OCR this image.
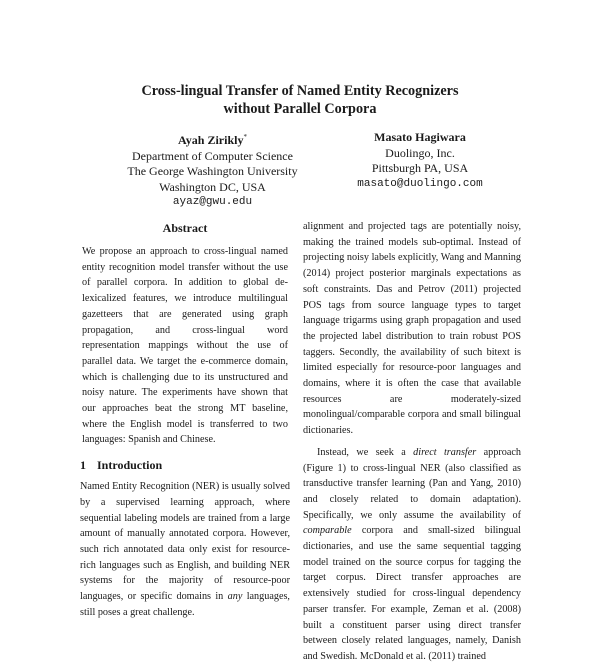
Cross-lingual Transfer of Named Entity Recognizers
without Parallel Corpora
Ayah Zirikly*
Department of Computer Science
The George Washington University
Washington DC, USA
ayaz@gwu.edu
Masato Hagiwara
Duolingo, Inc.
Pittsburgh PA, USA
masato@duolingo.com
Abstract

We propose an approach to cross-lingual named entity recognition model transfer without the use of parallel corpora. In addition to global de-lexicalized features, we introduce multilingual gazetteers that are generated using graph propagation, and cross-lingual word representation mappings without the use of parallel data. We target the e-commerce domain, which is challenging due to its unstructured and noisy nature. The experiments have shown that our approaches beat the strong MT baseline, where the English model is transferred to two languages: Spanish and Chinese.

1 Introduction

Named Entity Recognition (NER) is usually solved by a supervised learning approach, where sequential labeling models are trained from a large amount of manually annotated corpora. However, such rich annotated data only exist for resource-rich languages such as English, and building NER systems for the majority of resource-poor languages, or specific domains in any languages, still poses a great challenge.

alignment and projected tags are potentially noisy, making the trained models sub-optimal. Instead of projecting noisy labels explicitly, Wang and Manning (2014) project posterior marginals expectations as soft constraints. Das and Petrov (2011) projected POS tags from source language types to target language trigarms using graph propagation and used the projected label distribution to train robust POS taggers. Secondly, the availability of such bitext is limited especially for resource-poor languages and domains, where it is often the case that available resources are moderately-sized monolingual/comparable corpora and small bilingual dictionaries.

Instead, we seek a direct transfer approach (Figure 1) to cross-lingual NER (also classified as transductive transfer learning (Pan and Yang, 2010) and closely related to domain adaptation). Specifically, we only assume the availability of comparable corpora and small-sized bilingual dictionaries, and use the same sequential tagging model trained on the source corpus for tagging the target corpus. Direct transfer approaches are extensively studied for cross-lingual dependency parser transfer. For example, Zeman et al. (2008) built a constituent parser using direct transfer between closely related languages, namely, Danish and Swedish. McDonald et al. (2011) trained
